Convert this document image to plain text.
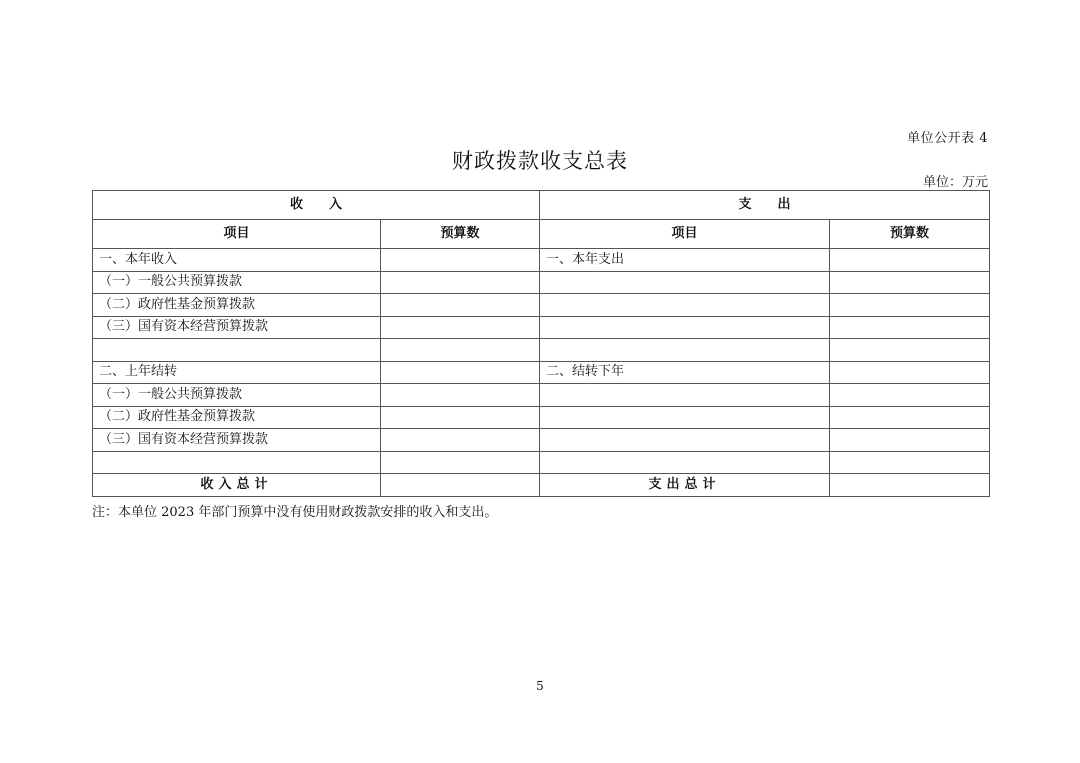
单位公开表 4
财政拨款收支总表
单位：万元
收　　入		支　　出	
项目	预算数	项目	预算数
一、本年收入		一、本年支出	
（一）一般公共预算拨款			
（二）政府性基金预算拨款			
（三）国有资本经营预算拨款			

二、上年结转		二、结转下年	
（一）一般公共预算拨款			
（二）政府性基金预算拨款			
（三）国有资本经营预算拨款			

收入总计		支出总计	
注：本单位 2023 年部门预算中没有使用财政拨款安排的收入和支出。
5
